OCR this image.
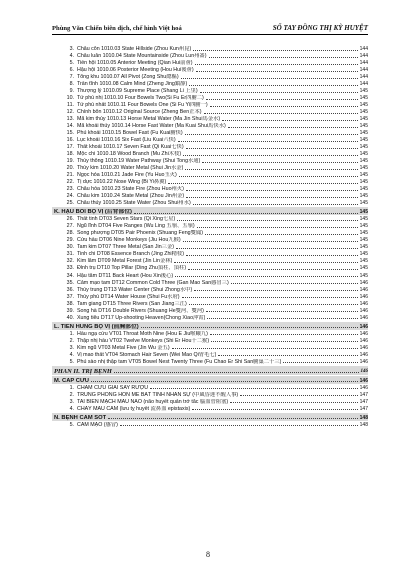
Phùng Văn Chiến biên dịch, chế hình Việt hoá	SỔ TAY ĐỒNG THỊ KỲ HUYỆT
3. Châu côn 1010.03 State Hillside (Zhou Kun州昆)	144
4. Châu luân 1010.04 State Mountainside (Zhou Lun州崙)	144
5. Tiền hội 1010.05 Anterior Meeting (Qian Hui前會)	144
6. Hậu hội 1010.06 Posterior Meeting (Hou Hui後會)	144
7. Tổng khu 1010.07 All Pivot (Zong Shu總樞)	144
8. Trấn tĩnh 1010.08 Calm Mind (Zheng Jing鎮靜)	144
9. Thượng lý 1010.09 Supreme Place (Shang Li 上里)	145
10. Tứ phủ nhị 1010.10 Four Bowels Two(Si Fu Er四腑二)	145
11. Tứ phủ nhất 1010.11 Four Bowels One (Si Fu Yi四腑一)	145
12. Chính bổn 1010.12 Original Source (Zheng Ben正本)	145
13. Mã kim thủy 1010.13 Horse Metal Water (Ma Jin Shui馬金水)	145
14. Mã khoái thủy 1010.14 Horse Fast Water (Ma Kuai Shui馬快水)	145
15. Phủ khoái 1010.15 Bowel Fast (Fu Kuai腑快)	145
16. Lục khoái 1010.16 Six Fast (Liu Kuai六快)	145
17. Thất khoái 1010.17 Seven Fast (Qi Kuai七快)	145
18. Mộc chi 1010.18 Wood Branch (Mu Zhi木枝)	145
19. Thủy thông 1010.19 Water Pathway (Shui Tong水通)	145
20. Thủy kim 1010.20 Water Metal (Shui Jin水金)	145
21. Ngọc hỏa 1010.21 Jade Fire (Yu Huo玉火)	145
22. Tị dực 1010.22 Nose Wing (Bi Yi鼻翼)	145
23. Châu hỏa 1010.23 State Fire (Zhou Huo州火)	145
24. Châu kim 1010.24 State Metal (Zhou Jin州金)	145
25. Châu thủy 1010.25 State Water (Zhou Shui州水)	145
K. HẬU BỐI BỘ VỊ (后背部位)	145
26. Thất tinh DT03 Seven Stars (Qi Xing七星)	145
27. Ngũ lĩnh DT04 Five Ranges (Wu Ling 五嶺、五嶺)	145
28. Song phượng DT05 Pair Phoenix (Shuang Feng雙鳳)	145
29. Cửu hầu DT06 Nine Monkeys (Jiu Hou九猴)	145
30. Tam kim DT07 Three Metal (San Jin三金)	145
31. Tinh chi DT08 Essence Branch (Jing Zhi精枝)	145
32. Kim lâm DT09 Metal Forest (Jin Lin金林)	145
33. Đỉnh trụ DT10 Top Pillar (Ding Zhu頂柱、頂柱)	145
34. Hậu tâm DT11 Back Heart (Hou Xin後心)	145
35. Cảm mạo tam DT12 Common Cold Three (Gan Mao San感冒三)	146
36. Thủy trung DT13 Water Center (Shui Zhong水中)	146
37. Thủy phủ DT14 Water House (Shui Fu水府)	146
38. Tam giang DT15 Three Rivers (San Jiang三江)	146
39. Song hà DT16 Double Rivers (Shuang He雙河、雙河)	146
40. Xung tiêu DT17 Up-shooting Heaven(Chong Xiao沖霄)	146
L. TIỀN HUNG BỘ VỊ (前胸部位)	146
1. Hầu ngạ cửu VT01 Throat Moth Nine (Hou E Jiu喉蛾九)	146
2. Thập nhị hầu VT02 Twelve Monkeys (Shi Er Hou十二猴)	146
3. Kim ngũ VT03 Metal Five (Jin Wu 金五)	146
4. Vị mao thất VT04 Stomach Hair Seven (Wei Mao Qi胃毛七)	146
5. Phủ sào nhị thập tam VT05 Bowel Nest Twenty Three (Fu Chao Er Shi San腑巢二十三)	146
PHẦN II. TRỊ BỆNH	146
M. CẤP CỨU	146
1. CHÂM CỨU GIẢI SAY RƯỢU	146
2. TRÚNG PHONG HÔN MÊ BẤT TỈNH NHÂN SỰ (中風昏迷不醒人事)	147
3. TAI BIẾN MẠCH MÁU NÃO (não huyết quản trở tắc 腦血管阻塞)	147
4. CHẢY MÁU CAM (lưu tỵ huyết 流鼻血 epistaxis)	147
N. BỆNH CẢM SỐT	148
5. CẢM MẠO (感冒)	148
8
